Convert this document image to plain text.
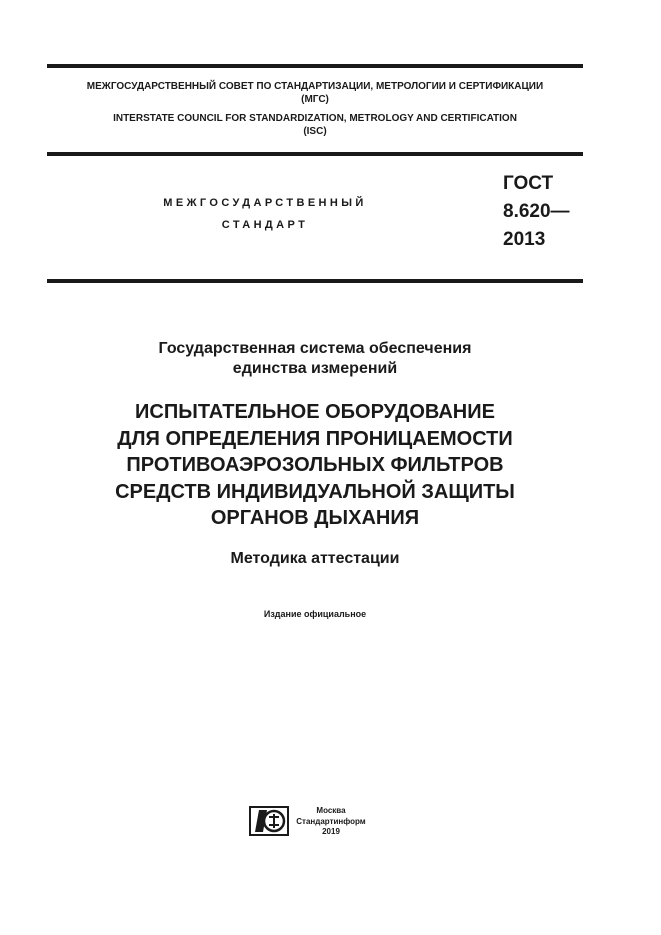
МЕЖГОСУДАРСТВЕННЫЙ СОВЕТ ПО СТАНДАРТИЗАЦИИ, МЕТРОЛОГИИ И СЕРТИФИКАЦИИ
(МГС)
INTERSTATE COUNCIL FOR STANDARDIZATION, METROLOGY AND CERTIFICATION
(ISC)
МЕЖГОСУДАРСТВЕННЫЙ
СТАНДАРТ
ГОСТ
8.620—
2013
Государственная система обеспечения
единства измерений
ИСПЫТАТЕЛЬНОЕ ОБОРУДОВАНИЕ
ДЛЯ ОПРЕДЕЛЕНИЯ ПРОНИЦАЕМОСТИ
ПРОТИВОАЭРОЗОЛЬНЫХ ФИЛЬТРОВ
СРЕДСТВ ИНДИВИДУАЛЬНОЙ ЗАЩИТЫ
ОРГАНОВ ДЫХАНИЯ
Методика аттестации
Издание официальное
Москва
Стандартинформ
2019
